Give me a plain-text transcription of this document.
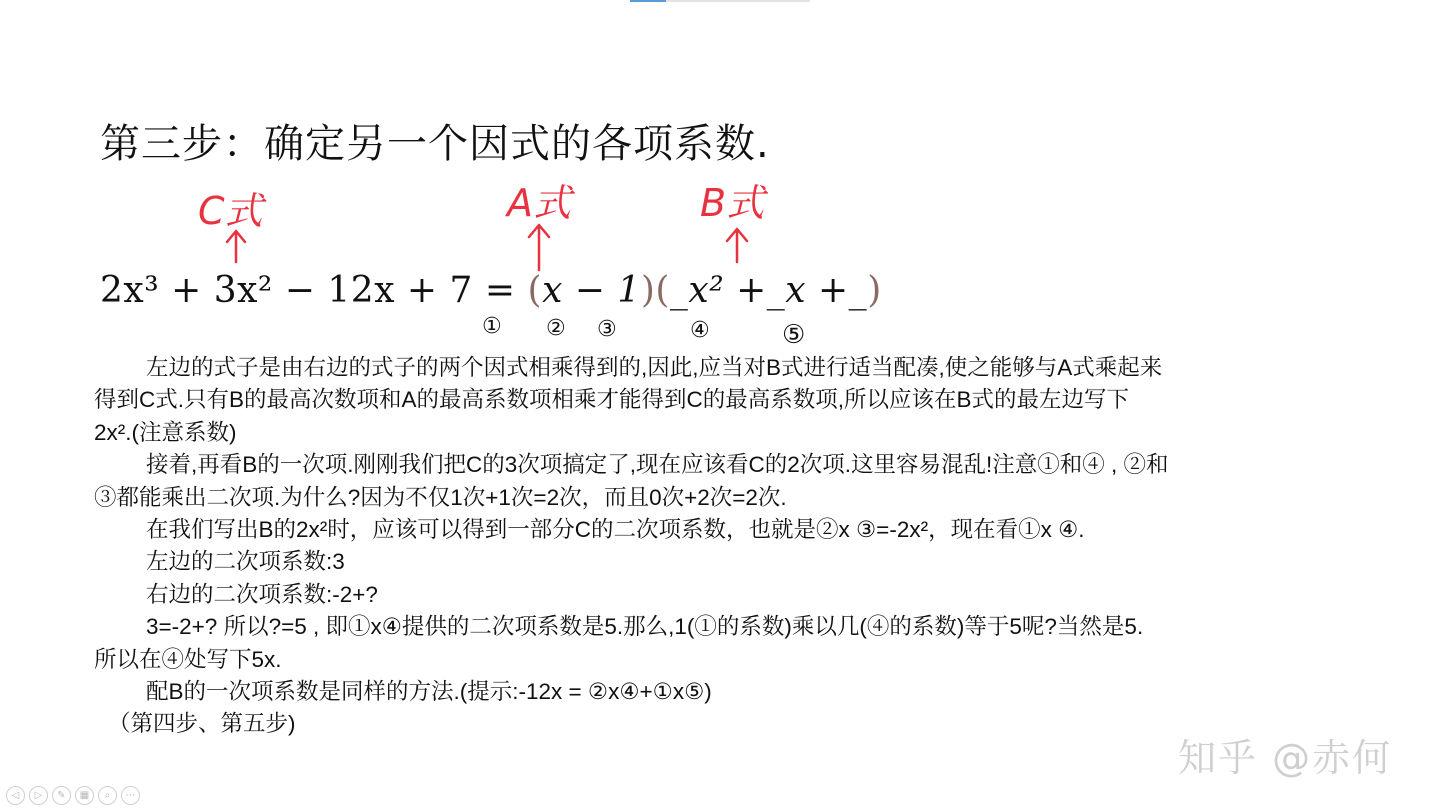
第三步：确定另一个因式的各项系数.
C式	A式	B式
2x³ + 3x² − 12x + 7 = (x − 1)(_x² +_x +_)
① ② ③	④	⑤

左边的式子是由右边的式子的两个因式相乘得到的,因此,应当对B式进行适当配凑,使之能够与A式乘起来

得到C式.只有B的最高次数项和A的最高系数项相乘才能得到C的最高系数项,所以应该在B式的最左边写下

2x².(注意系数)

接着,再看B的一次项.刚刚我们把C的3次项搞定了,现在应该看C的2次项.这里容易混乱!注意①和④ , ②和

③都能乘出二次项.为什么?因为不仅1次+1次=2次，而且0次+2次=2次.

在我们写出B的2x²时，应该可以得到一部分C的二次项系数，也就是②x ③=-2x²，现在看①x ④.

左边的二次项系数:3

右边的二次项系数:-2+?

3=-2+? 所以?=5 , 即①x④提供的二次项系数是5.那么,1(①的系数)乘以几(④的系数)等于5呢?当然是5.

所以在④处写下5x.

配B的一次项系数是同样的方法.(提示:-12x = ②x④+①x⑤)

（第四步、第五步)

知乎 @赤何
◁	▷	✎	▦	⌕	⋯
